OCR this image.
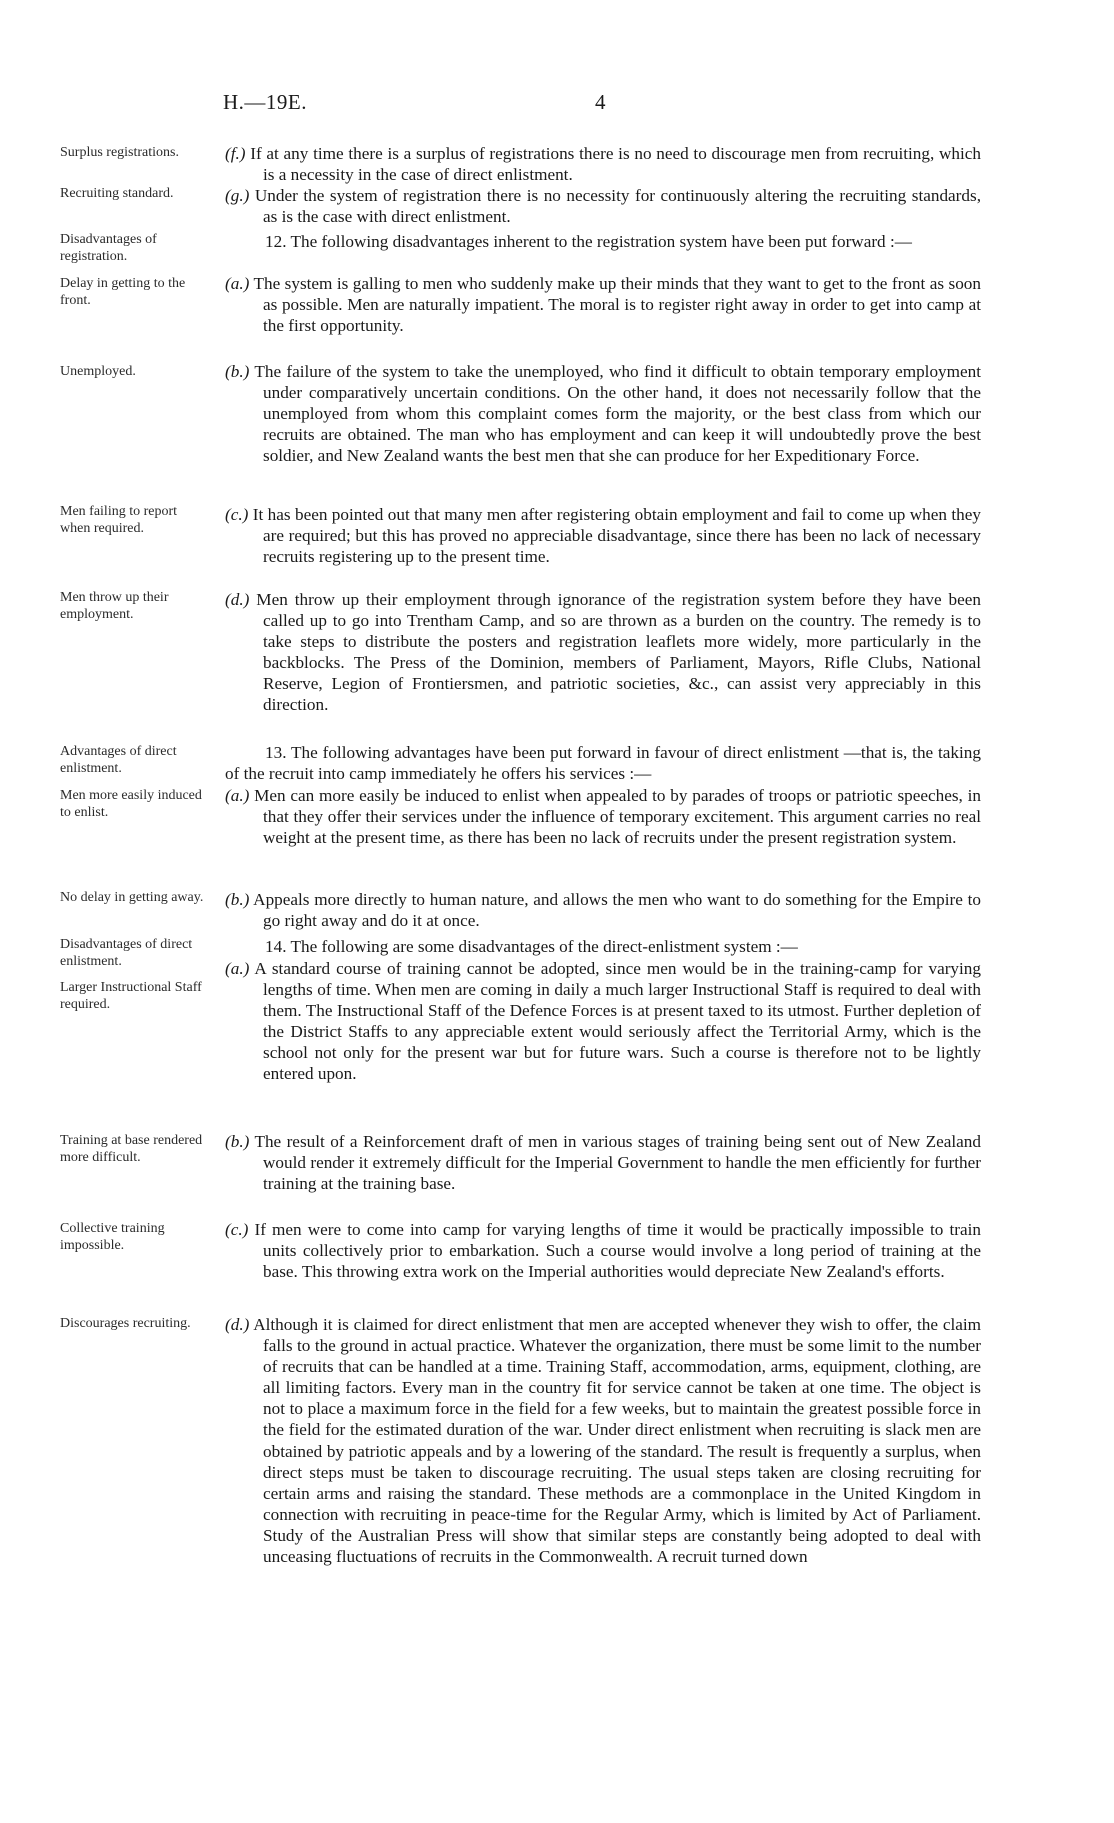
H.—19E.	4
Surplus registrations.
Recruiting standard.
Disadvantages of registration.
Delay in getting to the front.
Unemployed.
Men failing to report when required.
Men throw up their employment.
Advantages of direct enlistment.
Men more easily induced to enlist.
No delay in getting away.
Disadvantages of direct enlistment.
Larger Instructional Staff required.
Training at base rendered more difficult.
Collective training impossible.
Discourages recruiting.

(f.) If at any time there is a surplus of registrations there is no need to discourage men from recruiting, which is a necessity in the case of direct enlistment.

(g.) Under the system of registration there is no necessity for continuously altering the recruiting standards, as is the case with direct enlistment.

12. The following disadvantages inherent to the registration system have been put forward :—

(a.) The system is galling to men who suddenly make up their minds that they want to get to the front as soon as possible. Men are naturally impatient. The moral is to register right away in order to get into camp at the first opportunity.

(b.) The failure of the system to take the unemployed, who find it difficult to obtain temporary employment under comparatively uncertain conditions. On the other hand, it does not necessarily follow that the unemployed from whom this complaint comes form the majority, or the best class from which our recruits are obtained. The man who has employment and can keep it will undoubtedly prove the best soldier, and New Zealand wants the best men that she can produce for her Expeditionary Force.

(c.) It has been pointed out that many men after registering obtain employment and fail to come up when they are required; but this has proved no appreciable disadvantage, since there has been no lack of necessary recruits registering up to the present time.

(d.) Men throw up their employment through ignorance of the registration system before they have been called up to go into Trentham Camp, and so are thrown as a burden on the country. The remedy is to take steps to distribute the posters and registration leaflets more widely, more particularly in the backblocks. The Press of the Dominion, members of Parliament, Mayors, Rifle Clubs, National Reserve, Legion of Frontiersmen, and patriotic societies, &c., can assist very appreciably in this direction.

13. The following advantages have been put forward in favour of direct enlistment —that is, the taking of the recruit into camp immediately he offers his services :—

(a.) Men can more easily be induced to enlist when appealed to by parades of troops or patriotic speeches, in that they offer their services under the influence of temporary excitement. This argument carries no real weight at the present time, as there has been no lack of recruits under the present registration system.

(b.) Appeals more directly to human nature, and allows the men who want to do something for the Empire to go right away and do it at once.

14. The following are some disadvantages of the direct-enlistment system :—

(a.) A standard course of training cannot be adopted, since men would be in the training-camp for varying lengths of time. When men are coming in daily a much larger Instructional Staff is required to deal with them. The Instructional Staff of the Defence Forces is at present taxed to its utmost. Further depletion of the District Staffs to any appreciable extent would seriously affect the Territorial Army, which is the school not only for the present war but for future wars. Such a course is therefore not to be lightly entered upon.

(b.) The result of a Reinforcement draft of men in various stages of training being sent out of New Zealand would render it extremely difficult for the Imperial Government to handle the men efficiently for further training at the training base.

(c.) If men were to come into camp for varying lengths of time it would be practically impossible to train units collectively prior to embarkation. Such a course would involve a long period of training at the base. This throwing extra work on the Imperial authorities would depreciate New Zealand's efforts.

(d.) Although it is claimed for direct enlistment that men are accepted whenever they wish to offer, the claim falls to the ground in actual practice. Whatever the organization, there must be some limit to the number of recruits that can be handled at a time. Training Staff, accommodation, arms, equipment, clothing, are all limiting factors. Every man in the country fit for service cannot be taken at one time. The object is not to place a maximum force in the field for a few weeks, but to maintain the greatest possible force in the field for the estimated duration of the war. Under direct enlistment when recruiting is slack men are obtained by patriotic appeals and by a lowering of the standard. The result is frequently a surplus, when direct steps must be taken to discourage recruiting. The usual steps taken are closing recruiting for certain arms and raising the standard. These methods are a commonplace in the United Kingdom in connection with recruiting in peace-time for the Regular Army, which is limited by Act of Parliament. Study of the Australian Press will show that similar steps are constantly being adopted to deal with unceasing fluctuations of recruits in the Commonwealth. A recruit turned down
